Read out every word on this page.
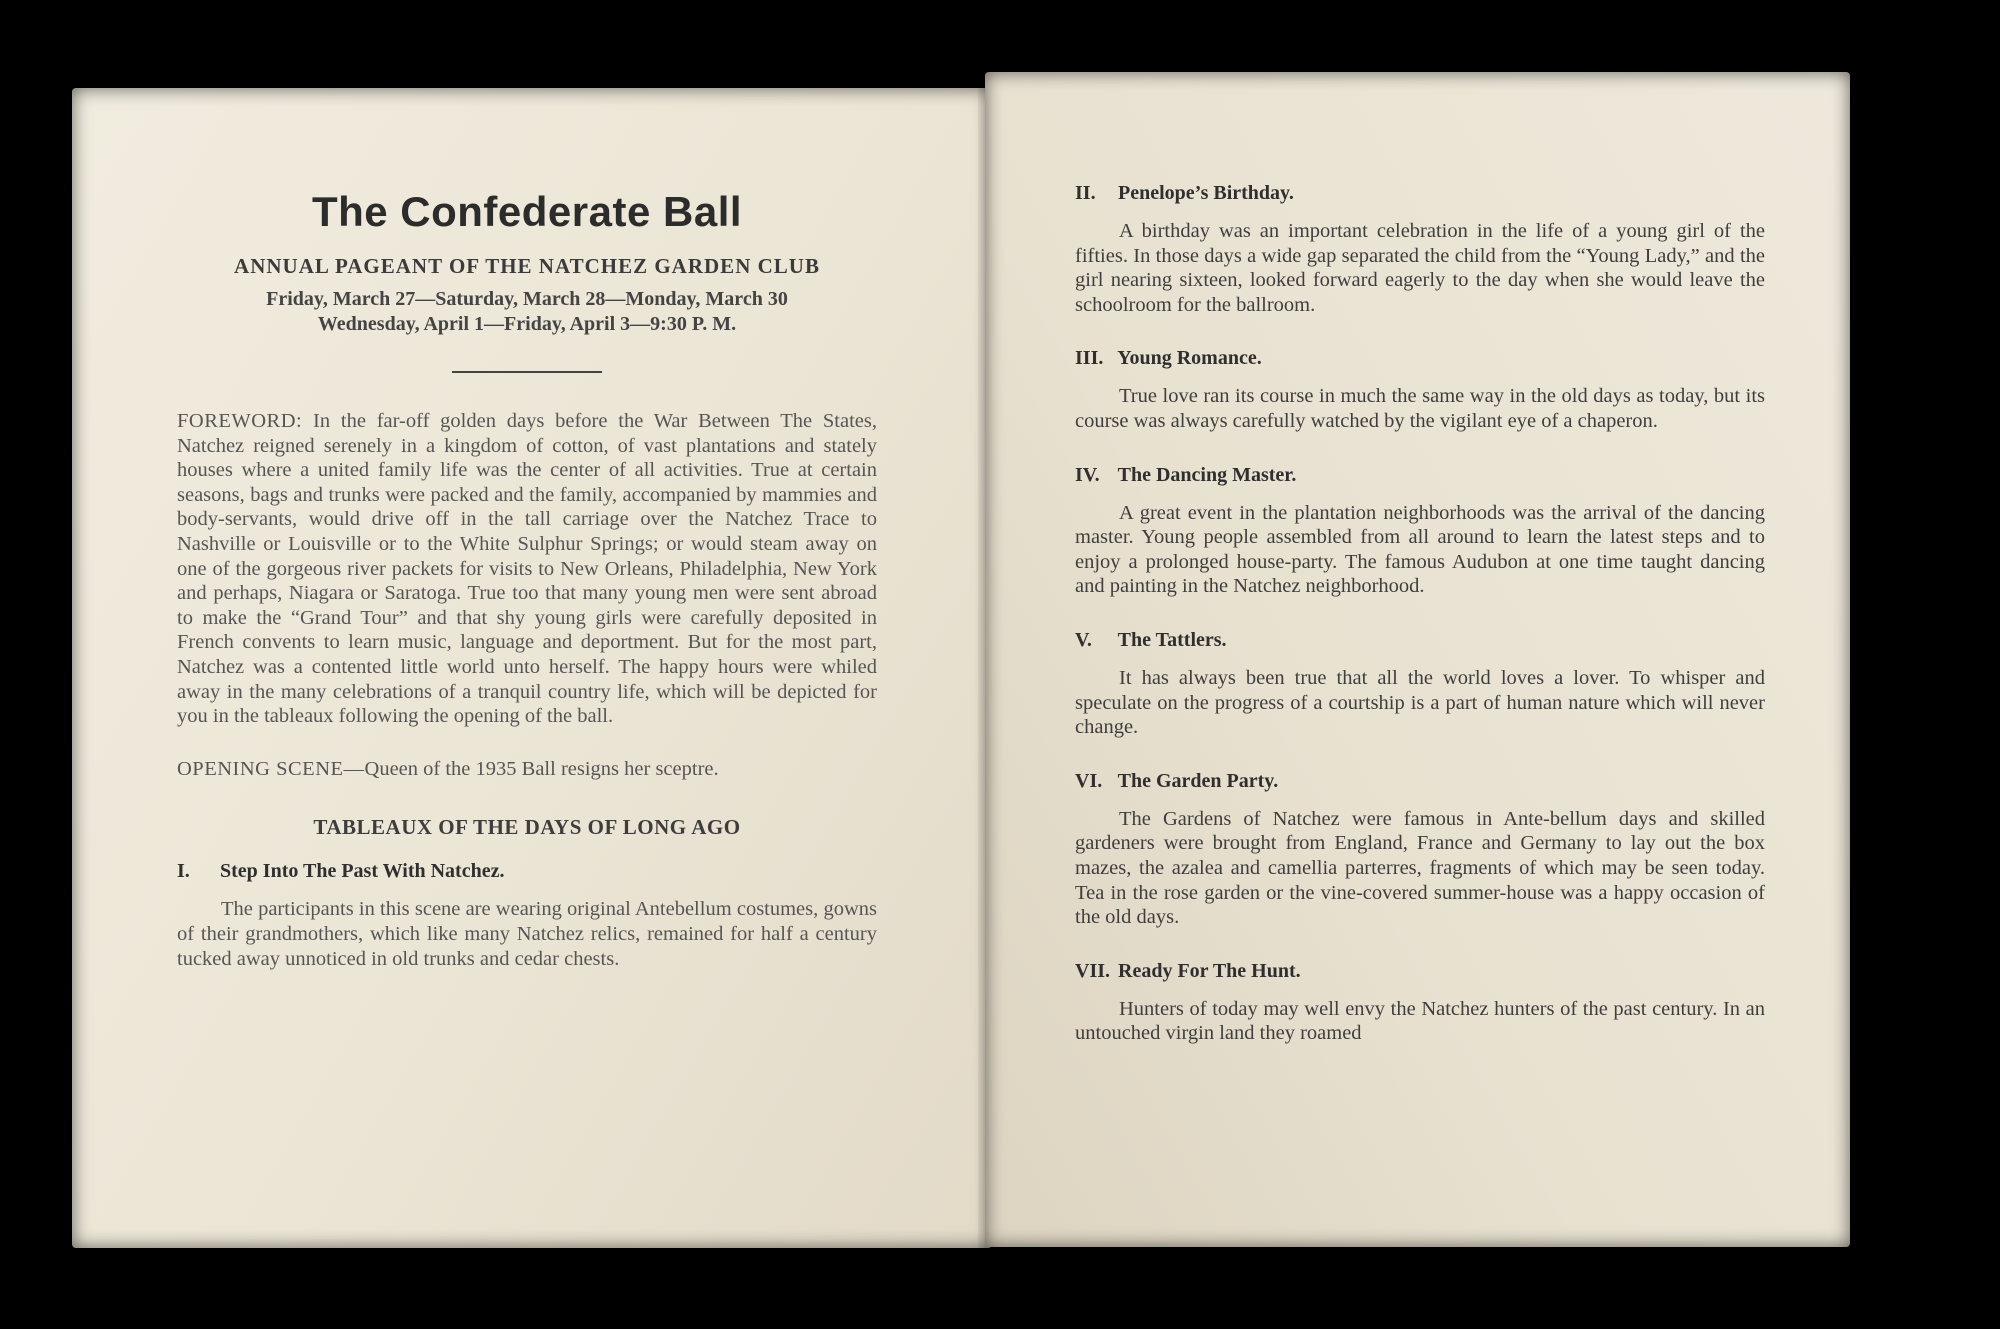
The Confederate Ball

ANNUAL PAGEANT OF THE NATCHEZ GARDEN CLUB

Friday, March 27—Saturday, March 28—Monday, March 30

Wednesday, April 1—Friday, April 3—9:30 P. M.

FOREWORD: In the far-off golden days before the War Between The States, Natchez reigned serenely in a kingdom of cotton, of vast plantations and stately houses where a united family life was the center of all activities. True at certain seasons, bags and trunks were packed and the family, accompanied by mammies and body-servants, would drive off in the tall carriage over the Natchez Trace to Nashville or Louisville or to the White Sulphur Springs; or would steam away on one of the gorgeous river packets for visits to New Orleans, Philadelphia, New York and perhaps, Niagara or Saratoga. True too that many young men were sent abroad to make the “Grand Tour” and that shy young girls were carefully deposited in French convents to learn music, language and deportment. But for the most part, Natchez was a contented little world unto herself. The happy hours were whiled away in the many celebrations of a tranquil country life, which will be depicted for you in the tableaux following the opening of the ball.

OPENING SCENE—Queen of the 1935 Ball resigns her sceptre.

TABLEAUX OF THE DAYS OF LONG AGO

I. Step Into The Past With Natchez.

The participants in this scene are wearing original Antebellum costumes, gowns of their grandmothers, which like many Natchez relics, remained for half a century tucked away unnoticed in old trunks and cedar chests.

II. Penelope’s Birthday.

A birthday was an important celebration in the life of a young girl of the fifties. In those days a wide gap separated the child from the “Young Lady,” and the girl nearing sixteen, looked forward eagerly to the day when she would leave the schoolroom for the ballroom.

III. Young Romance.

True love ran its course in much the same way in the old days as today, but its course was always carefully watched by the vigilant eye of a chaperon.

IV. The Dancing Master.

A great event in the plantation neighborhoods was the arrival of the dancing master. Young people assembled from all around to learn the latest steps and to enjoy a prolonged house-party. The famous Audubon at one time taught dancing and painting in the Natchez neighborhood.

V. The Tattlers.

It has always been true that all the world loves a lover. To whisper and speculate on the progress of a courtship is a part of human nature which will never change.

VI. The Garden Party.

The Gardens of Natchez were famous in Ante-bellum days and skilled gardeners were brought from England, France and Germany to lay out the box mazes, the azalea and camellia parterres, fragments of which may be seen today. Tea in the rose garden or the vine-covered summer-house was a happy occasion of the old days.

VII. Ready For The Hunt.

Hunters of today may well envy the Natchez hunters of the past century. In an untouched virgin land they roamed
